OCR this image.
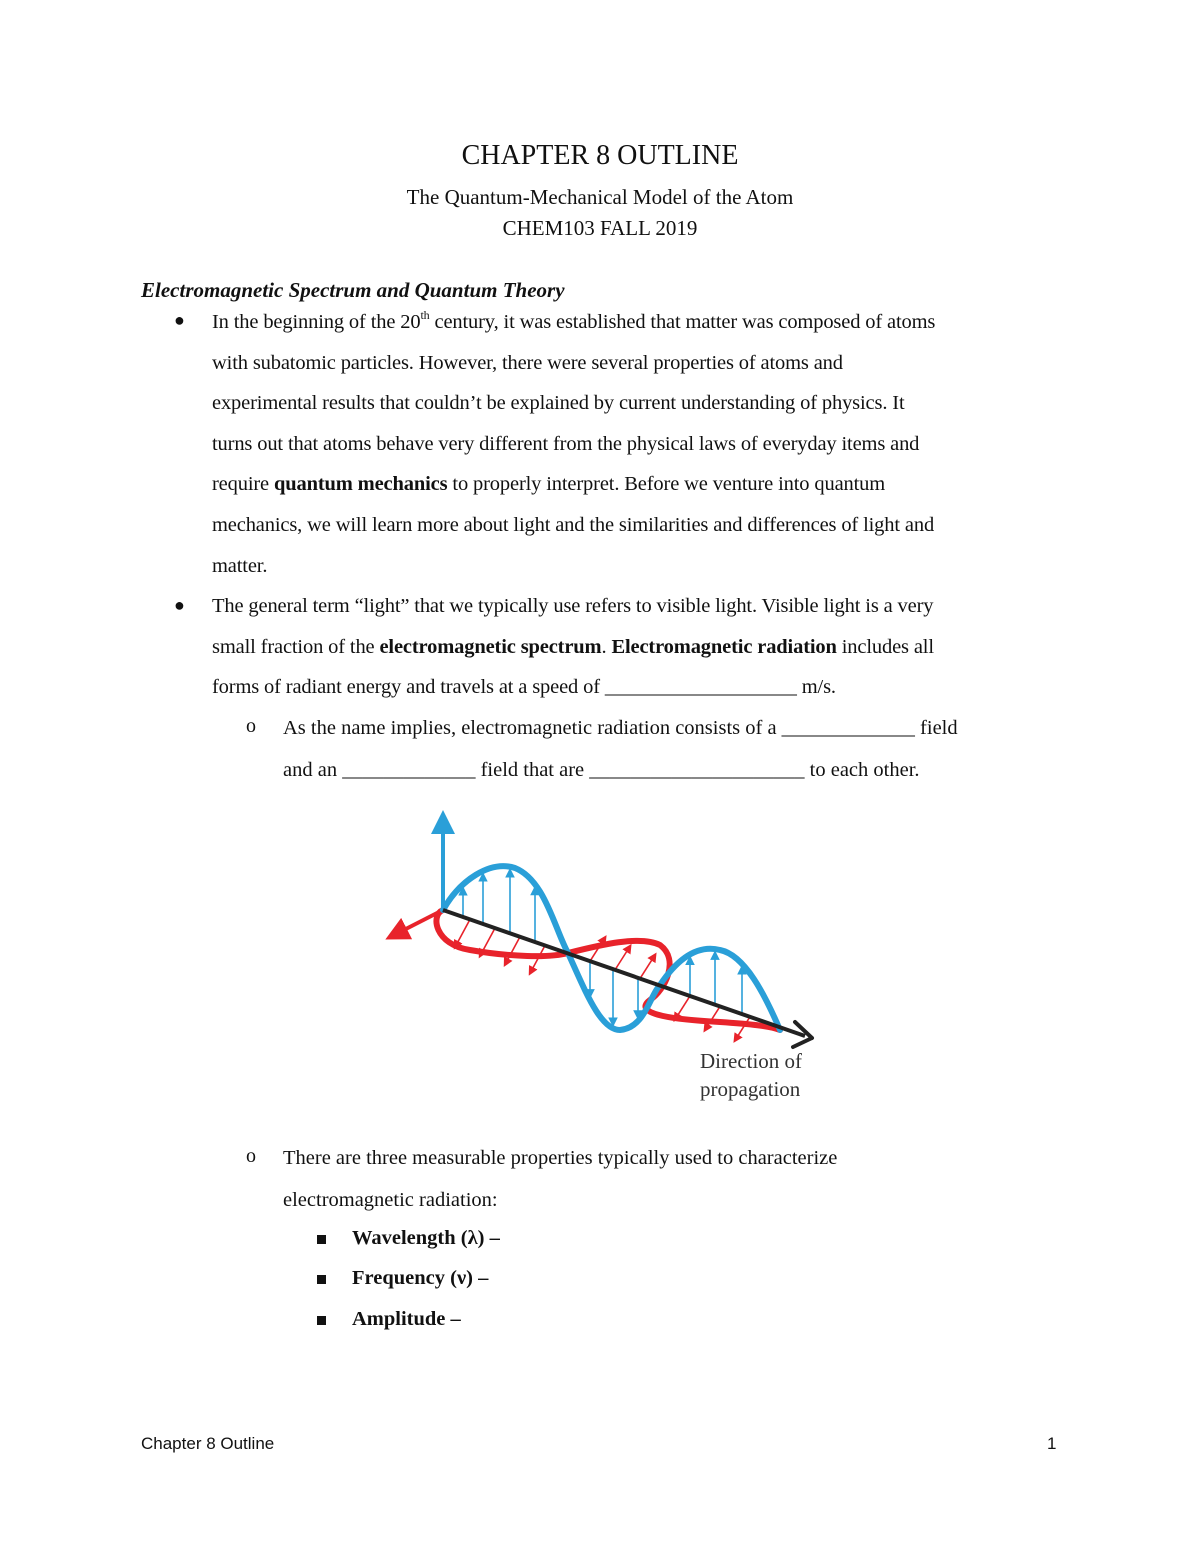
CHAPTER 8 OUTLINE
The Quantum-Mechanical Model of the Atom
CHEM103 FALL 2019
Electromagnetic Spectrum and Quantum Theory
● In the beginning of the 20th century, it was established that matter was composed of atoms

with subatomic particles. However, there were several properties of atoms and

experimental results that couldn’t be explained by current understanding of physics. It

turns out that atoms behave very different from the physical laws of everyday items and

require quantum mechanics to properly interpret. Before we venture into quantum

mechanics, we will learn more about light and the similarities and differences of light and

matter.

● The general term “light” that we typically use refers to visible light. Visible light is a very

small fraction of the electromagnetic spectrum. Electromagnetic radiation includes all

forms of radiant energy and travels at a speed of ___________________ m/s.

o As the name implies, electromagnetic radiation consists of a _____________ field

and an _____________ field that are _____________________ to each other.

Direction of
propagation
o There are three measurable properties typically used to characterize

electromagnetic radiation:

Wavelength (λ) –
Frequency (ν) –
Amplitude –
Chapter 8 Outline	1
